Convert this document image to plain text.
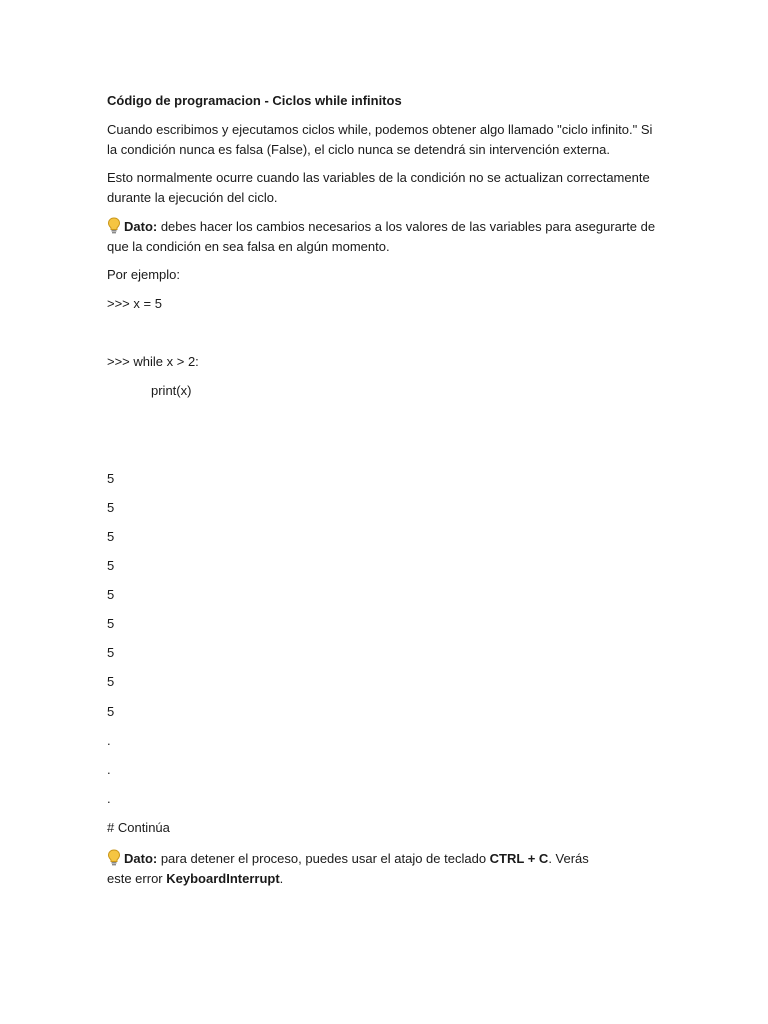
Código de programacion - Ciclos while infinitos
Cuando escribimos y ejecutamos ciclos while, podemos obtener algo llamado "ciclo infinito." Si la condición nunca es falsa (False), el ciclo nunca se detendrá sin intervención externa.
Esto normalmente ocurre cuando las variables de la condición no se actualizan correctamente durante la ejecución del ciclo.
Dato: debes hacer los cambios necesarios a los valores de las variables para asegurarte de que la condición en sea falsa en algún momento.
Por ejemplo:
>>> x = 5
>>> while x > 2:
print(x)
5
5
5
5
5
5
5
5
5
.
.
.
# Continúa
Dato: para detener el proceso, puedes usar el atajo de teclado CTRL + C. Verás este error KeyboardInterrupt.
